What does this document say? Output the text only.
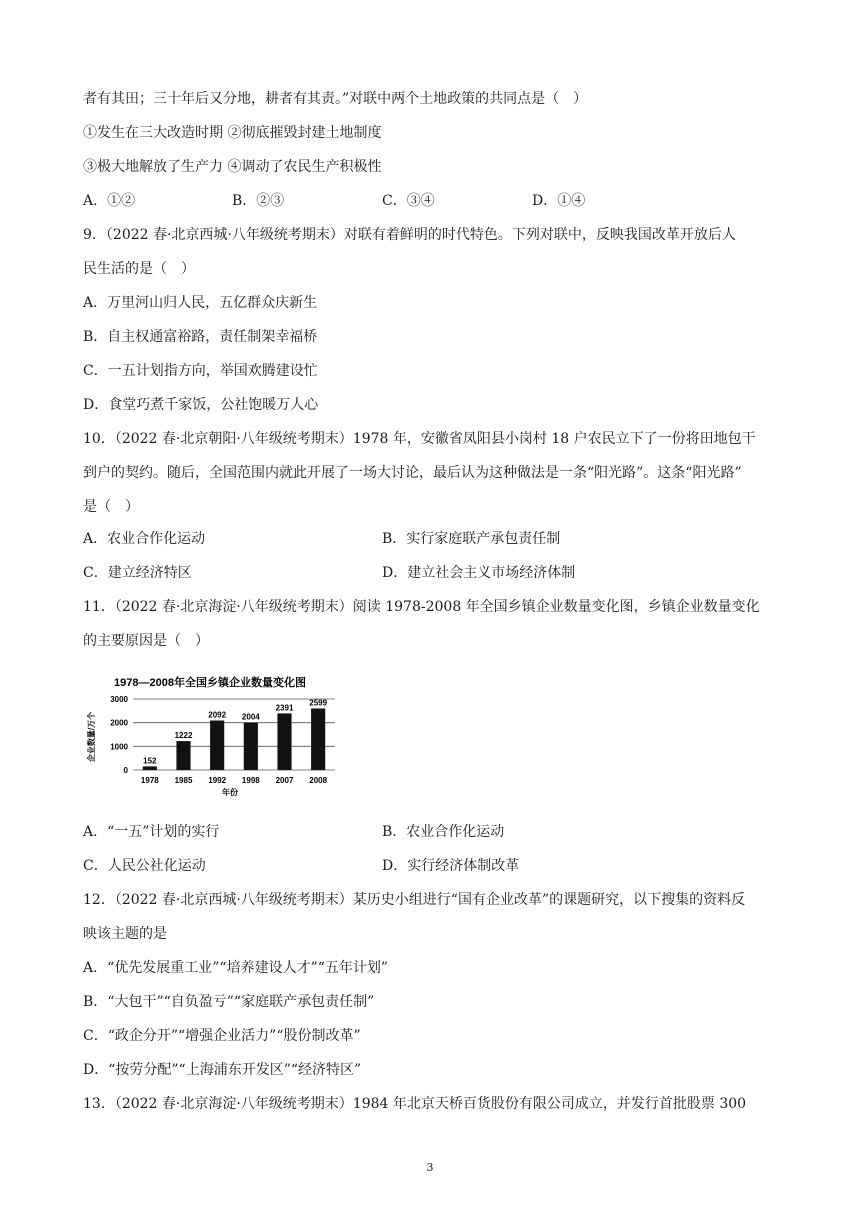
者有其田；三十年后又分地，耕者有其责。”对联中两个土地政策的共同点是（　）
①发生在三大改造时期 ②彻底摧毁封建土地制度
③极大地解放了生产力 ④调动了农民生产积极性
A．①②	B．②③	C．③④	D．①④
9．（2022 春·北京西城·八年级统考期末）对联有着鲜明的时代特色。下列对联中，反映我国改革开放后人
民生活的是（　）
A．万里河山归人民，五亿群众庆新生
B．自主权通富裕路，责任制架幸福桥
C．一五计划指方向，举国欢腾建设忙
D．食堂巧煮千家饭，公社饱暖万人心
10．（2022 春·北京朝阳·八年级统考期末）1978 年，安徽省凤阳县小岗村 18 户农民立下了一份将田地包干
到户的契约。随后，全国范围内就此开展了一场大讨论，最后认为这种做法是一条“阳光路”。这条“阳光路”
是（　）
A．农业合作化运动	B．实行家庭联产承包责任制
C．建立经济特区	D．建立社会主义市场经济体制
11．（2022 春·北京海淀·八年级统考期末）阅读 1978-2008 年全国乡镇企业数量变化图，乡镇企业数量变化
的主要原因是（　）
1978—2008年全国乡镇企业数量变化图
152
1222
2092 2004
2391
2599
0
1000
2000
3000
1978 1985 1992 1998 2007 2008
企业数量/万个
年份
A．“一五”计划的实行	B．农业合作化运动
C．人民公社化运动	D．实行经济体制改革
12．（2022 春·北京西城·八年级统考期末）某历史小组进行“国有企业改革”的课题研究，以下搜集的资料反
映该主题的是
A．“优先发展重工业”“培养建设人才”“五年计划”
B．“大包干”“自负盈亏”“家庭联产承包责任制”
C．“政企分开”“增强企业活力”“股份制改革”
D．“按劳分配”“上海浦东开发区”“经济特区”
13．（2022 春·北京海淀·八年级统考期末）1984 年北京天桥百货股份有限公司成立，并发行首批股票 300
3
